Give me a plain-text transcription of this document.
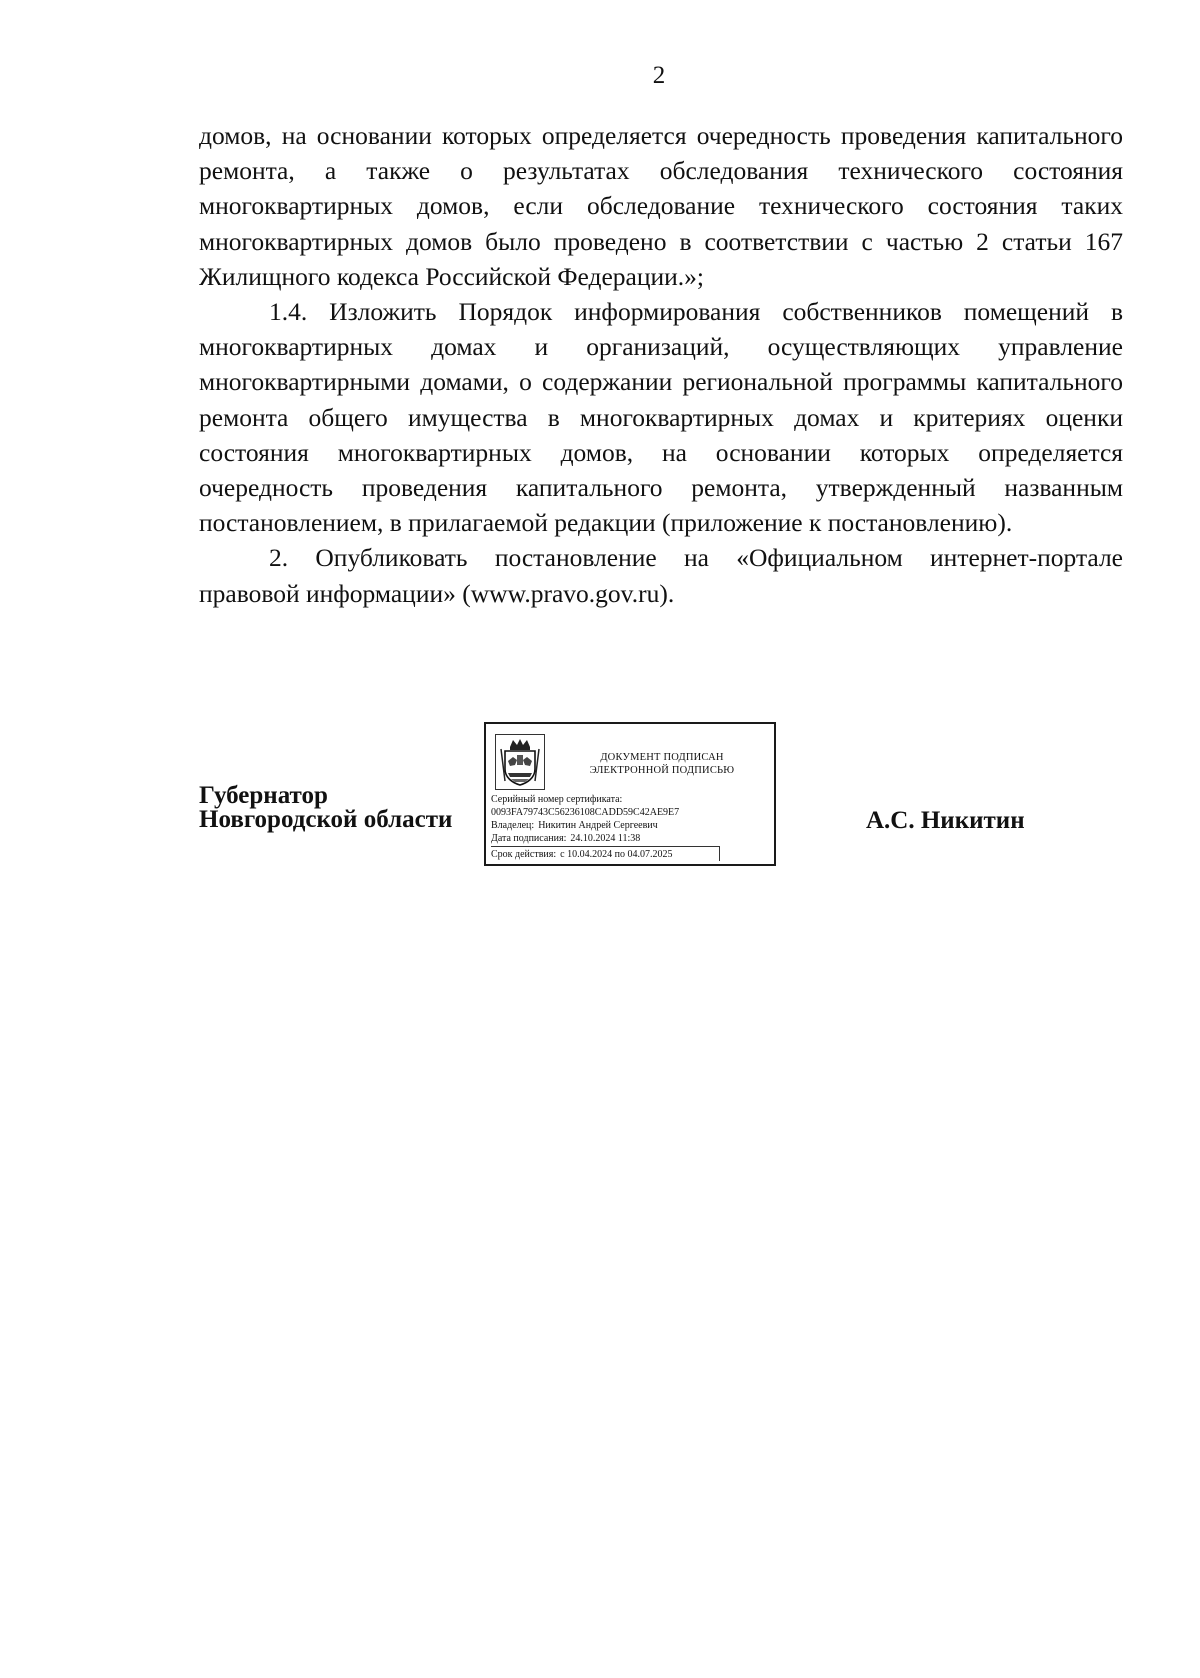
2

домов, на основании которых определяется очередность проведения капитального ремонта, а также о результатах обследования технического состояния многоквартирных домов, если обследование технического состояния таких многоквартирных домов было проведено в соответствии с частью 2 статьи 167 Жилищного кодекса Российской Федерации.»;

1.4. Изложить Порядок информирования собственников помещений в многоквартирных домах и организаций, осуществляющих управление многоквартирными домами, о содержании региональной программы капитального ремонта общего имущества в многоквартирных домах и критериях оценки состояния многоквартирных домов, на основании которых определяется очередность проведения капитального ремонта, утвержденный названным постановлением, в прилагаемой редакции (приложение к постановлению).

2. Опубликовать постановление на «Официальном интернет-портале правовой информации» (www.pravo.gov.ru).

Губернатор
Новгородской области
ДОКУМЕНТ ПОДПИСАН
ЭЛЕКТРОННОЙ ПОДПИСЬЮ
Серийный номер сертификата:
0093FA79743C56236108CADD59C42AE9E7
Владелец: Никитин Андрей Сергеевич
Дата подписания: 24.10.2024 11:38
Срок действия: с 10.04.2024 по 04.07.2025
А.С. Никитин
